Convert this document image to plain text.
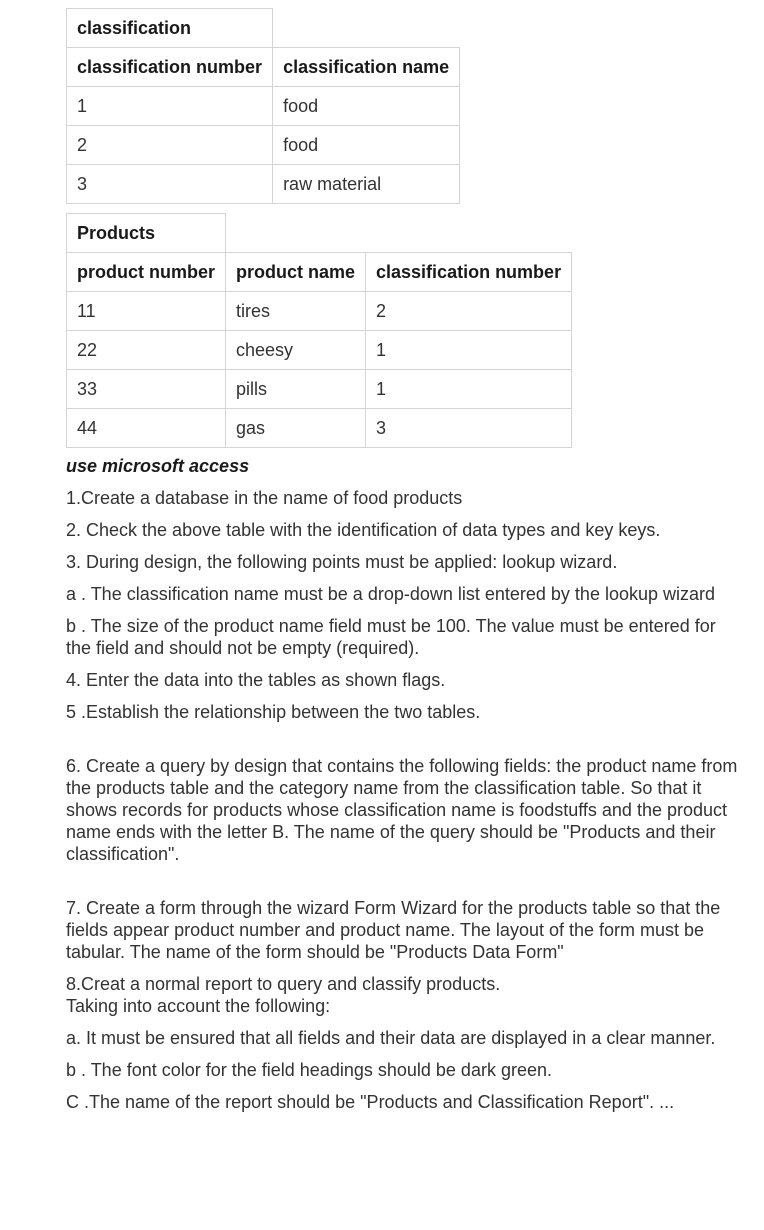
classification	
classification number	classification name
1	food
2	food
3	raw material
Products		
product number	product name	classification number
11	tires	2
22	cheesy	1
33	pills	1
44	gas	3

use microsoft access

1.Create a database in the name of food products

2. Check the above table with the identification of data types and key keys.

3. During design, the following points must be applied: lookup wizard.

a . The classification name must be a drop-down list entered by the lookup wizard

b . The size of the product name field must be 100. The value must be entered for the field and should not be empty (required).

4. Enter the data into the tables as shown flags.

5 .Establish the relationship between the two tables.

6. Create a query by design that contains the following fields: the product name from the products table and the category name from the classification table. So that it shows records for products whose classification name is foodstuffs and the product name ends with the letter B. The name of the query should be "Products and their classification".

7. Create a form through the wizard Form Wizard for the products table so that the fields appear product number and product name. The layout of the form must be tabular. The name of the form should be "Products Data Form"

8.Creat a normal report to query and classify products.
Taking into account the following:

a. It must be ensured that all fields and their data are displayed in a clear manner.

b . The font color for the field headings should be dark green.

C .The name of the report should be "Products and Classification Report". ...
